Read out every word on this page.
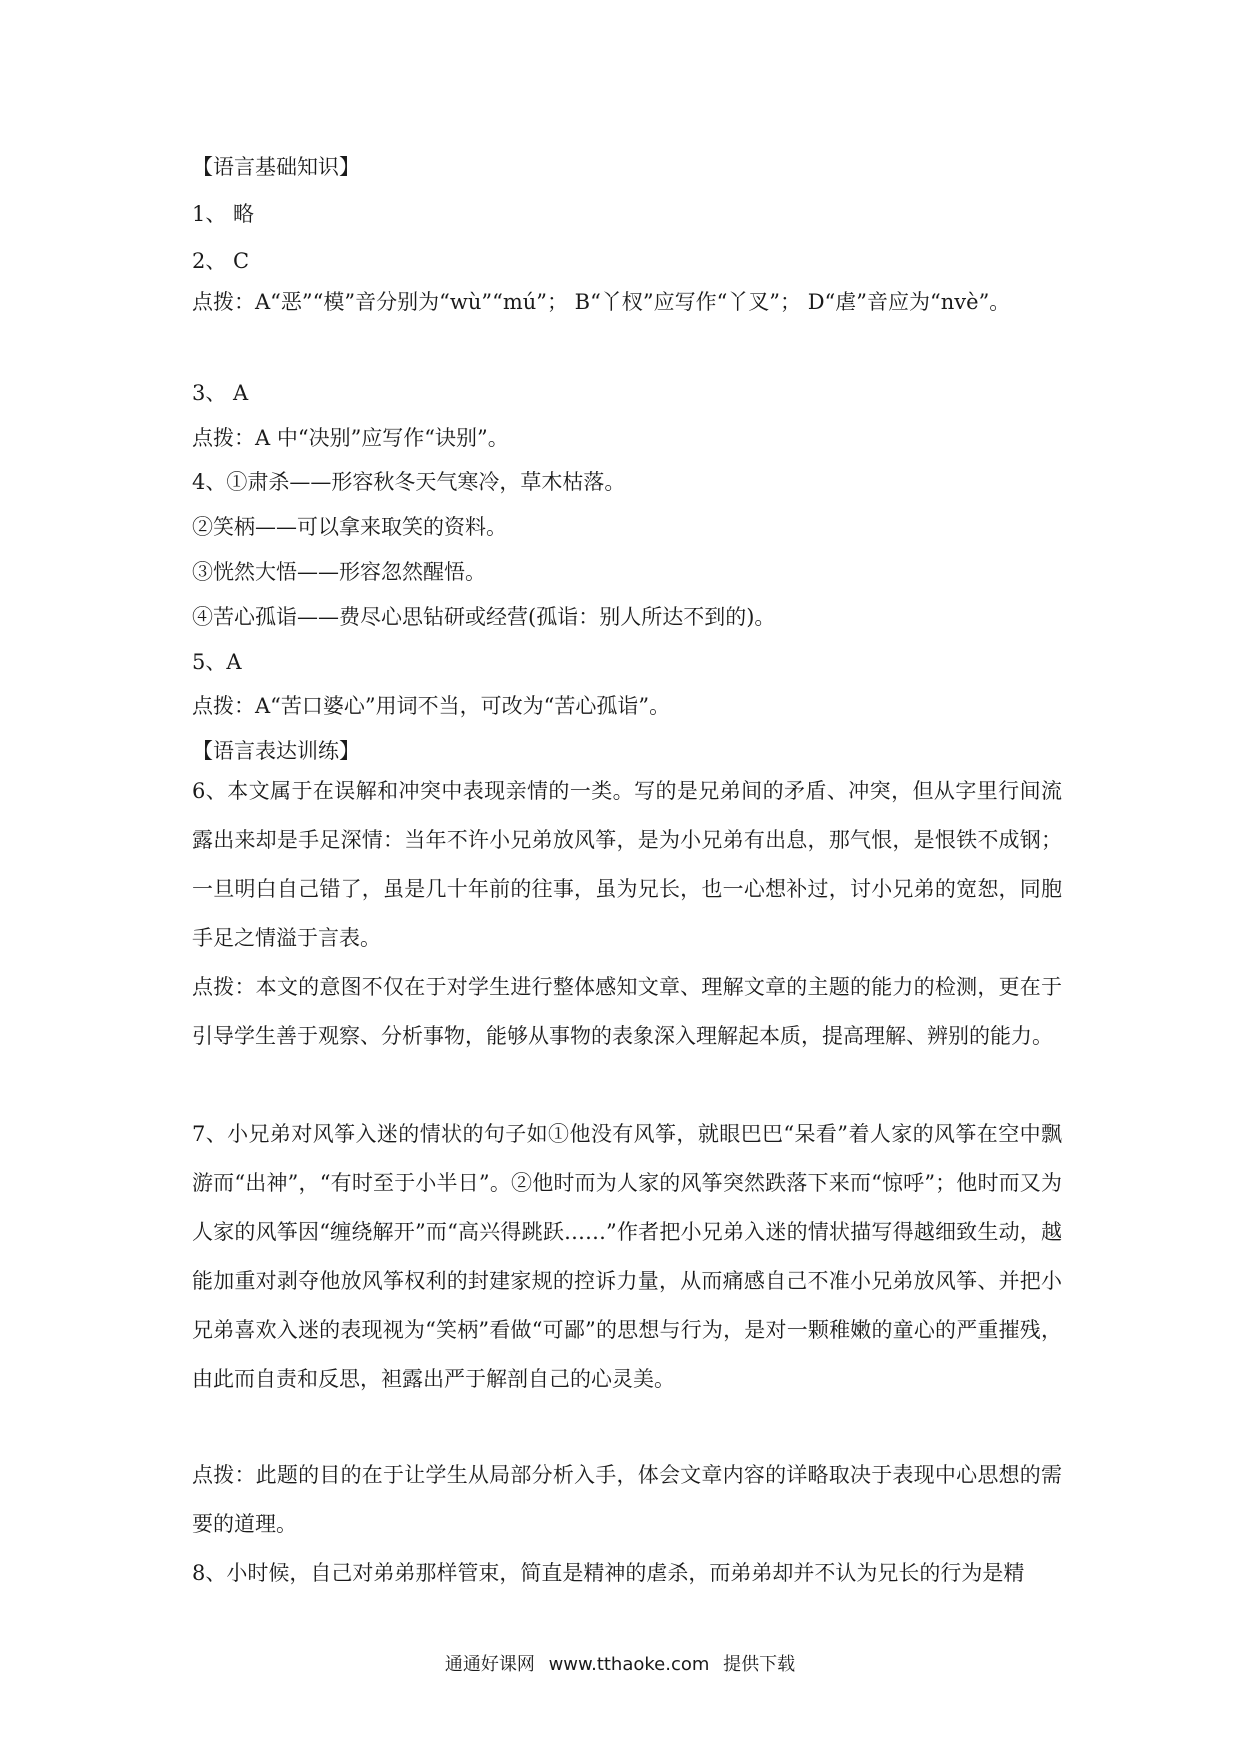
【语言基础知识】
1、 略
2、 C
点拨：A“恶”“模”音分别为“wù”“mú”； B“丫杈”应写作“丫叉”； D“虐”音应为“nvè”。
3、 A
点拨：A 中“决别”应写作“诀别”。
4、①肃杀——形容秋冬天气寒冷，草木枯落。
②笑柄——可以拿来取笑的资料。
③恍然大悟——形容忽然醒悟。
④苦心孤诣——费尽心思钻研或经营(孤诣：别人所达不到的)。
5、A
点拨：A“苦口婆心”用词不当，可改为“苦心孤诣”。
【语言表达训练】
6、本文属于在误解和冲突中表现亲情的一类。写的是兄弟间的矛盾、冲突，但从字里行间流露出来却是手足深情：当年不许小兄弟放风筝，是为小兄弟有出息，那气恨，是恨铁不成钢；一旦明白自己错了，虽是几十年前的往事，虽为兄长，也一心想补过，讨小兄弟的宽恕，同胞手足之情溢于言表。
点拨：本文的意图不仅在于对学生进行整体感知文章、理解文章的主题的能力的检测，更在于引导学生善于观察、分析事物，能够从事物的表象深入理解起本质，提高理解、辨别的能力。
7、小兄弟对风筝入迷的情状的句子如①他没有风筝，就眼巴巴“呆看”着人家的风筝在空中飘游而“出神”，“有时至于小半日”。②他时而为人家的风筝突然跌落下来而“惊呼”；他时而又为人家的风筝因“缠绕解开”而“高兴得跳跃……”作者把小兄弟入迷的情状描写得越细致生动，越能加重对剥夺他放风筝权利的封建家规的控诉力量，从而痛感自己不准小兄弟放风筝、并把小兄弟喜欢入迷的表现视为“笑柄”看做“可鄙”的思想与行为，是对一颗稚嫩的童心的严重摧残，由此而自责和反思，袒露出严于解剖自己的心灵美。
点拨：此题的目的在于让学生从局部分析入手，体会文章内容的详略取决于表现中心思想的需要的道理。
8、小时候，自己对弟弟那样管束，简直是精神的虐杀，而弟弟却并不认为兄长的行为是精
通通好课网 www.tthaoke.com 提供下载
